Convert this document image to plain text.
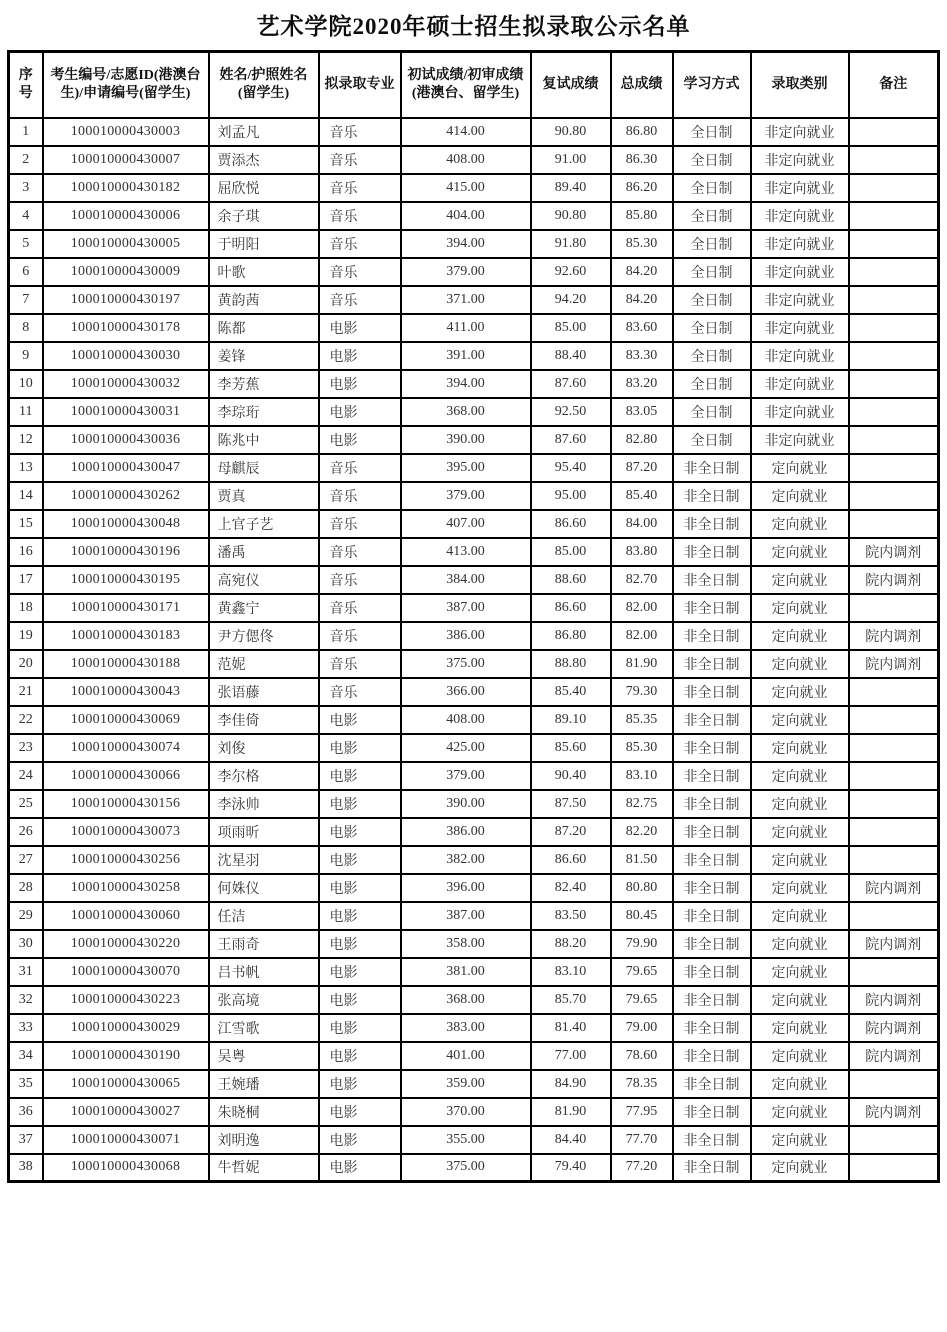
艺术学院2020年硕士招生拟录取公示名单
序号	考生编号/志愿ID(港澳台生)/申请编号(留学生)	姓名/护照姓名(留学生)	拟录取专业	初试成绩/初审成绩(港澳台、留学生)	复试成绩	总成绩	学习方式	录取类别	备注
1	100010000430003	刘孟凡	音乐	414.00	90.80	86.80	全日制	非定向就业	
2	100010000430007	贾添杰	音乐	408.00	91.00	86.30	全日制	非定向就业	
3	100010000430182	屈欣悦	音乐	415.00	89.40	86.20	全日制	非定向就业	
4	100010000430006	余子琪	音乐	404.00	90.80	85.80	全日制	非定向就业	
5	100010000430005	于明阳	音乐	394.00	91.80	85.30	全日制	非定向就业	
6	100010000430009	叶歌	音乐	379.00	92.60	84.20	全日制	非定向就业	
7	100010000430197	黄韵茜	音乐	371.00	94.20	84.20	全日制	非定向就业	
8	100010000430178	陈都	电影	411.00	85.00	83.60	全日制	非定向就业	
9	100010000430030	姜锋	电影	391.00	88.40	83.30	全日制	非定向就业	
10	100010000430032	李芳蕉	电影	394.00	87.60	83.20	全日制	非定向就业	
11	100010000430031	李琮珩	电影	368.00	92.50	83.05	全日制	非定向就业	
12	100010000430036	陈兆中	电影	390.00	87.60	82.80	全日制	非定向就业	
13	100010000430047	母麒辰	音乐	395.00	95.40	87.20	非全日制	定向就业	
14	100010000430262	贾真	音乐	379.00	95.00	85.40	非全日制	定向就业	
15	100010000430048	上官子艺	音乐	407.00	86.60	84.00	非全日制	定向就业	
16	100010000430196	潘禹	音乐	413.00	85.00	83.80	非全日制	定向就业	院内调剂
17	100010000430195	高宛仪	音乐	384.00	88.60	82.70	非全日制	定向就业	院内调剂
18	100010000430171	黄鑫宁	音乐	387.00	86.60	82.00	非全日制	定向就业	
19	100010000430183	尹方偲佟	音乐	386.00	86.80	82.00	非全日制	定向就业	院内调剂
20	100010000430188	范妮	音乐	375.00	88.80	81.90	非全日制	定向就业	院内调剂
21	100010000430043	张语藤	音乐	366.00	85.40	79.30	非全日制	定向就业	
22	100010000430069	李佳倚	电影	408.00	89.10	85.35	非全日制	定向就业	
23	100010000430074	刘俊	电影	425.00	85.60	85.30	非全日制	定向就业	
24	100010000430066	李尔格	电影	379.00	90.40	83.10	非全日制	定向就业	
25	100010000430156	李泳帅	电影	390.00	87.50	82.75	非全日制	定向就业	
26	100010000430073	项雨昕	电影	386.00	87.20	82.20	非全日制	定向就业	
27	100010000430256	沈星羽	电影	382.00	86.60	81.50	非全日制	定向就业	
28	100010000430258	何姝仪	电影	396.00	82.40	80.80	非全日制	定向就业	院内调剂
29	100010000430060	任洁	电影	387.00	83.50	80.45	非全日制	定向就业	
30	100010000430220	王雨奇	电影	358.00	88.20	79.90	非全日制	定向就业	院内调剂
31	100010000430070	吕书帆	电影	381.00	83.10	79.65	非全日制	定向就业	
32	100010000430223	张高境	电影	368.00	85.70	79.65	非全日制	定向就业	院内调剂
33	100010000430029	江雪歌	电影	383.00	81.40	79.00	非全日制	定向就业	院内调剂
34	100010000430190	吴粤	电影	401.00	77.00	78.60	非全日制	定向就业	院内调剂
35	100010000430065	王婉璠	电影	359.00	84.90	78.35	非全日制	定向就业	
36	100010000430027	朱晓桐	电影	370.00	81.90	77.95	非全日制	定向就业	院内调剂
37	100010000430071	刘明逸	电影	355.00	84.40	77.70	非全日制	定向就业	
38	100010000430068	牛哲妮	电影	375.00	79.40	77.20	非全日制	定向就业	
